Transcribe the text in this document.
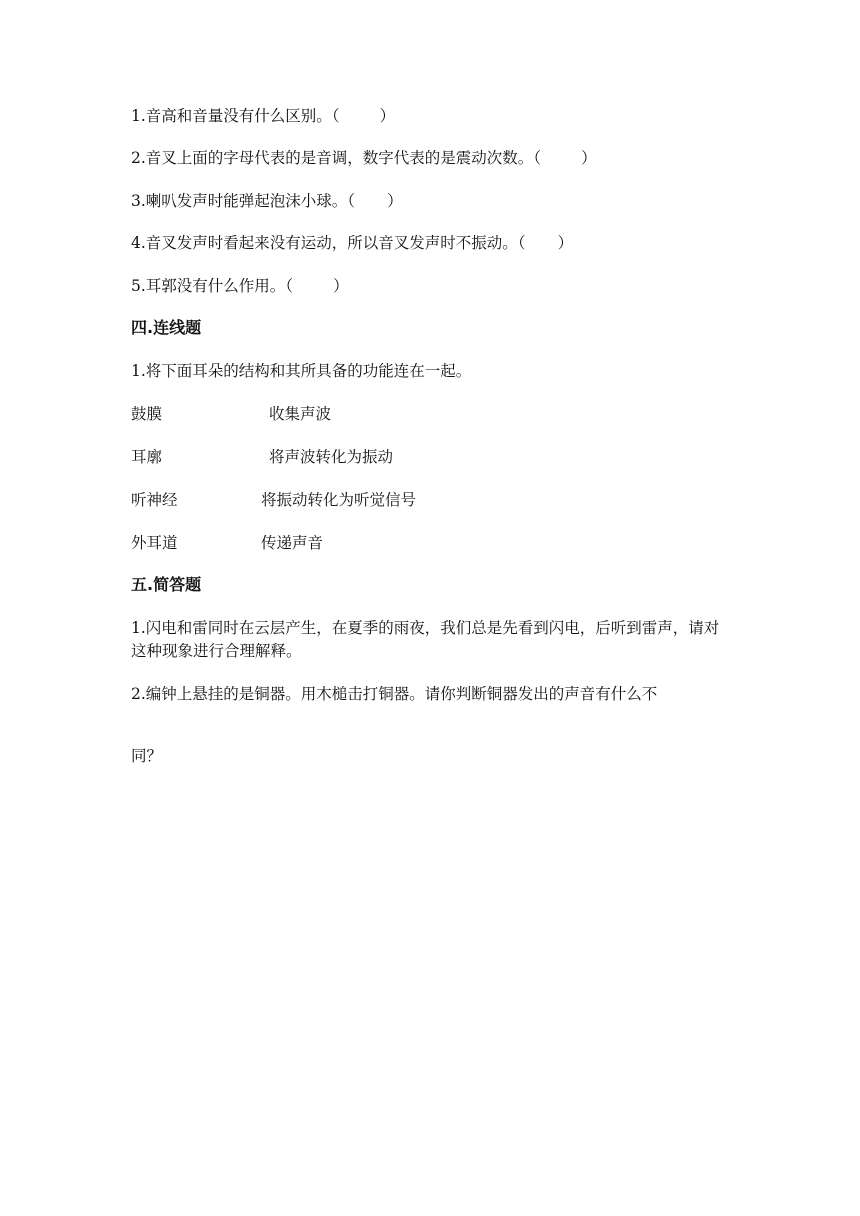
1.音高和音量没有什么区别。（	）
2.音叉上面的字母代表的是音调，数字代表的是震动次数。（	）
3.喇叭发声时能弹起泡沫小球。（ ）
4.音叉发声时看起来没有运动，所以音叉发声时不振动。（ ）
5.耳郭没有什么作用。（	）
四.连线题
1.将下面耳朵的结构和其所具备的功能连在一起。
鼓膜	收集声波
耳廓	将声波转化为振动
听神经	将振动转化为听觉信号
外耳道	传递声音
五.简答题
1.闪电和雷同时在云层产生，在夏季的雨夜，我们总是先看到闪电，后听到雷声，请对这种现象进行合理解释。
2.编钟上悬挂的是铜器。用木槌击打铜器。请你判断铜器发出的声音有什么不
同？
